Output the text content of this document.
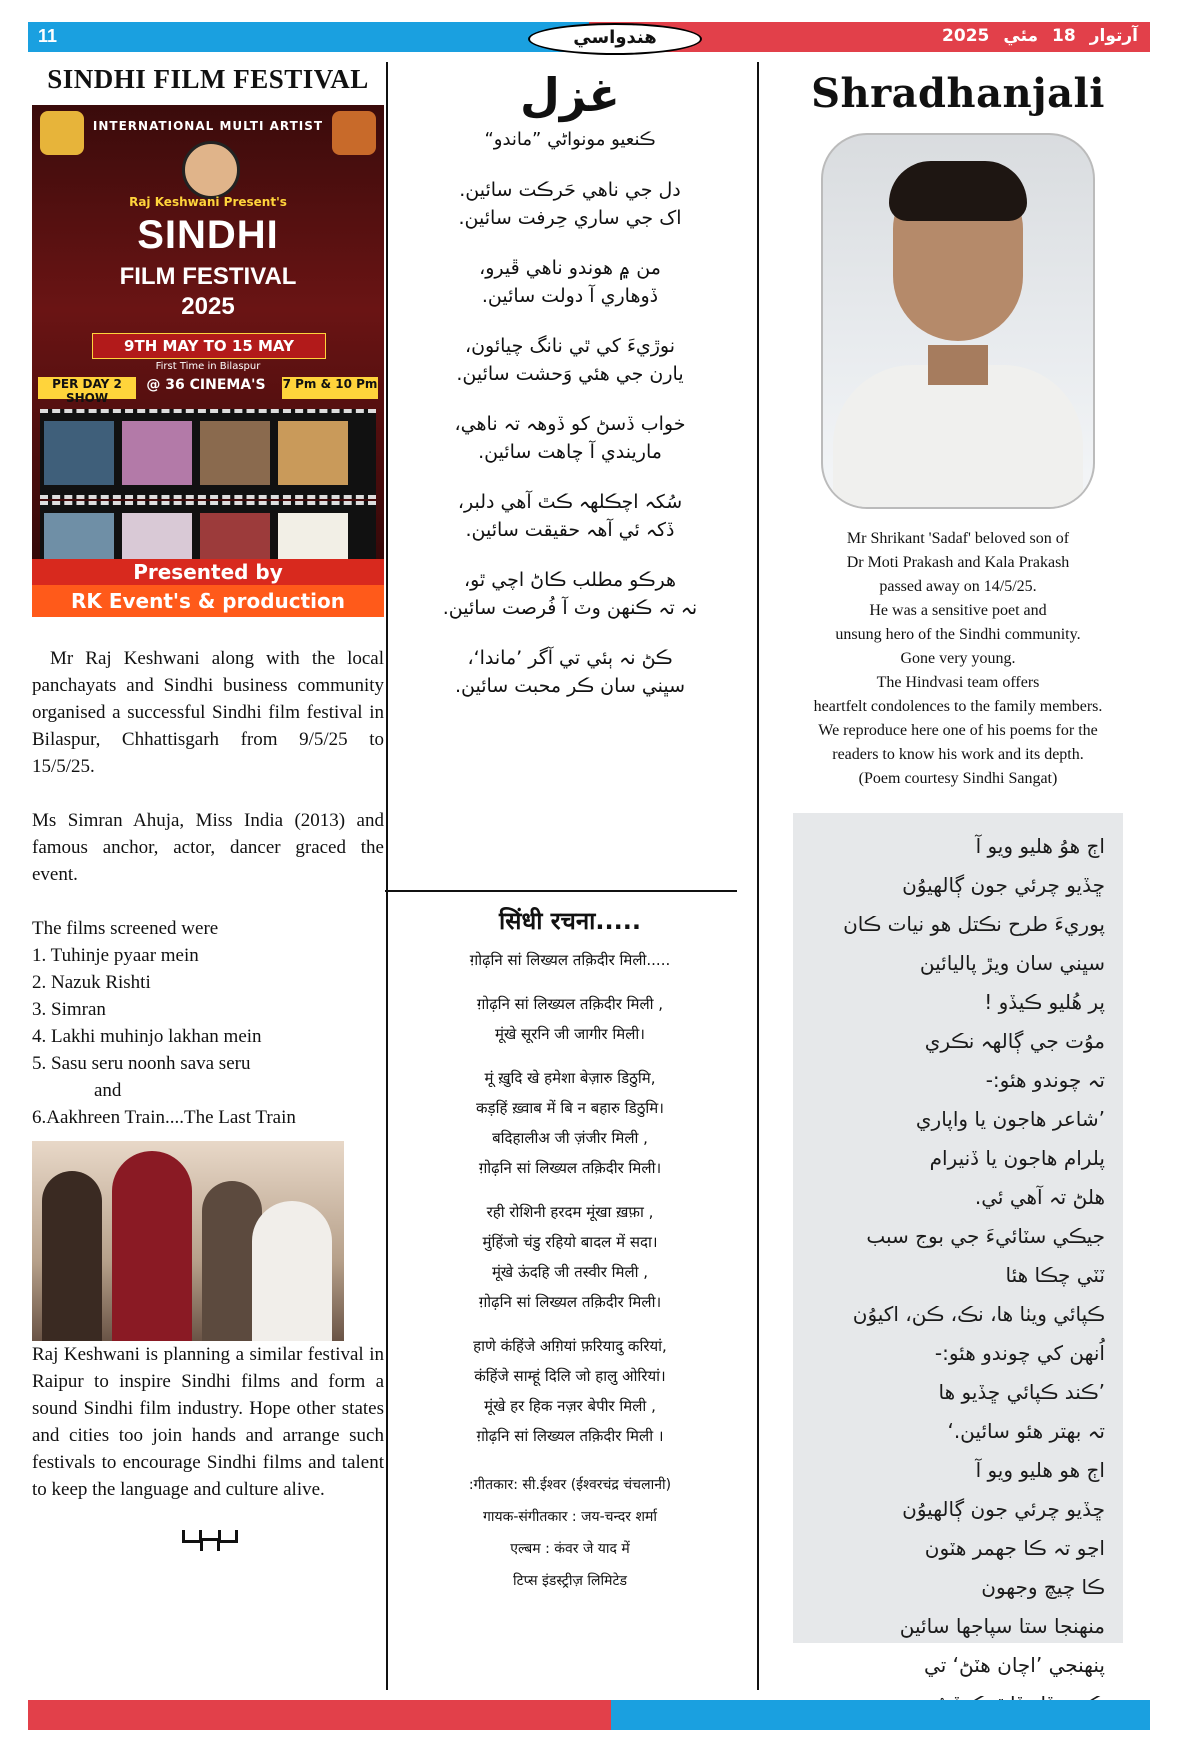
11	هندواسي	آرتوار18مئي2025
SINDHI FILM FESTIVAL
INTERNATIONAL MULTI ARTIST
Raj Keshwani Present's
SINDHI
FILM FESTIVAL
2025
9TH MAY TO 15 MAY
First Time in Bilaspur
PER DAY 2 SHOW
@ 36 CINEMA'S	7 Pm & 10 Pm
Presented by
RK Event's & production

Mr Raj Keshwani along with the local panchayats and Sindhi business community organised a successful Sindhi film festival in Bilaspur, Chhattisgarh from 9/5/25 to 15/5/25.

Ms Simran Ahuja, Miss India (2013) and famous anchor, actor, dancer graced the event.

The films screened were
1. Tuhinje pyaar mein
2. Nazuk Rishti
3. Simran
4. Lakhi muhinjo lakhan mein
5. Sasu seru noonh sava seru
and
6.Aakhreen Train....The Last Train

Raj Keshwani is planning a similar festival in Raipur to inspire Sindhi films and form a sound Sindhi film industry. Hope other states and cities too join hands and arrange such festivals to encourage Sindhi films and talent to keep the language and culture alive.

غزل
ڪنعيو مونواڻي ”ماندو“
دل جي ناهي حَرڪت سائين.
اک جي ساري حِرفت سائين.
من ۾ هوندو ناهي ڦيرو،
ڏوهاري آ دولت سائين.
نوڙيءَ کي ٿي نانگ چيائون،
يارن جي هئي وَحشت سائين.
خواب ڏسڻ کو ڏوهہ تہ ناهي،
ماريندي آ چاهت سائين.
سُکہ اچڪلهہ ڪٿ آهي دلبر،
ڏکہ ئي آهہ حقيقت سائين.
هرڪو مطلب ڪاڻ اچي ٿو،
نہ تہ ڪنهن وٽ آ فُرصت سائين.
ڪڻ نہ ٻئي تي آگر ’ماندا‘،
سڀني سان ڪر محبت سائين.
सिंधी रचना.....
ग़ोढ़नि सां लिख्यल तक़िदीर मिली.....
ग़ोढ़नि सां लिख्यल तक़िदीर मिली ,
मूंखे सूरनि जी जागीर मिली।
मूं ख़ुदि खे हमेशा बेज़ारु डिठुमि,
कड़हिं ख़्वाब में बि न बहारु डिठुमि।
बदिहालीअ जी ज़ंजीर मिली ,
ग़ोढ़नि सां लिख्यल तक़िदीर मिली।
रही रोशिनी हरदम मूंखा ख़फ़ा ,
मुंहिंजो चंडु रहियो बादल में सदा।
मूंखे ऊंदहि जी तस्वीर मिली ,
ग़ोढ़नि सां लिख्यल तक़िदीर मिली।
हाणे कंहिंजे अग़ियां फ़रियादु करियां,
कंहिंजे साम्हूं दिलि जो हालु ओरियां।
मूंखे हर हिक नज़र बेपीर मिली ,
ग़ोढ़नि सां लिख्यल तक़िदीर मिली ।
:गीतकार: सी.ईश्वर (ईश्वरचंद्र चंचलानी)
गायक-संगीतकार : जय-चन्दर शर्मा
एल्बम : कंवर जे याद में
टिप्स इंडस्ट्रीज़ लिमिटेड
Shradhanjali
Mr Shrikant 'Sadaf' beloved son of
Dr Moti Prakash and Kala Prakash
passed away on 14/5/25.
He was a sensitive poet and
unsung hero of the Sindhi community.
Gone very young.
The Hindvasi team offers
heartfelt condolences to the family members.
We reproduce here one of his poems for the
readers to know his work and its depth.
(Poem courtesy Sindhi Sangat)
اڄ هوُ هليو ويو آ
ڇڏيو چرئي جون ڳالهيوُن
پوريءَ طرح نڪتل هو نيات ڪان
سڀني سان ويڙ پاليائين
پر هُليو ڪيڏو !
موُت جي ڳالهہ نڪري
تہ چوندو هئو:-
’شاعر هاجون يا واپاري
پلرام هاجون يا ڏنيرام
هلڻ تہ آهي ئي.
جيڪي سٽائيءَ جي بوج سبب
ٽٽي چڪا هئا
ڪپائي ويٺا ها، نڪ، ڪن، اکيوُن
اُنهن کي چوندو هئو:-
’ڪند ڪپائي ڇڏيو ها
تہ بهتر هئو سائين.‘
اڄ هو هليو ويو آ
ڇڏيو چرئي جون ڳالهيوُن
اڃو تہ ڪا جهمر هٽون
ڪا چيچ وجهون
منهنجا ستا سپاجها سائين
پنهنجي ’اچان هٽڻ‘ تي
